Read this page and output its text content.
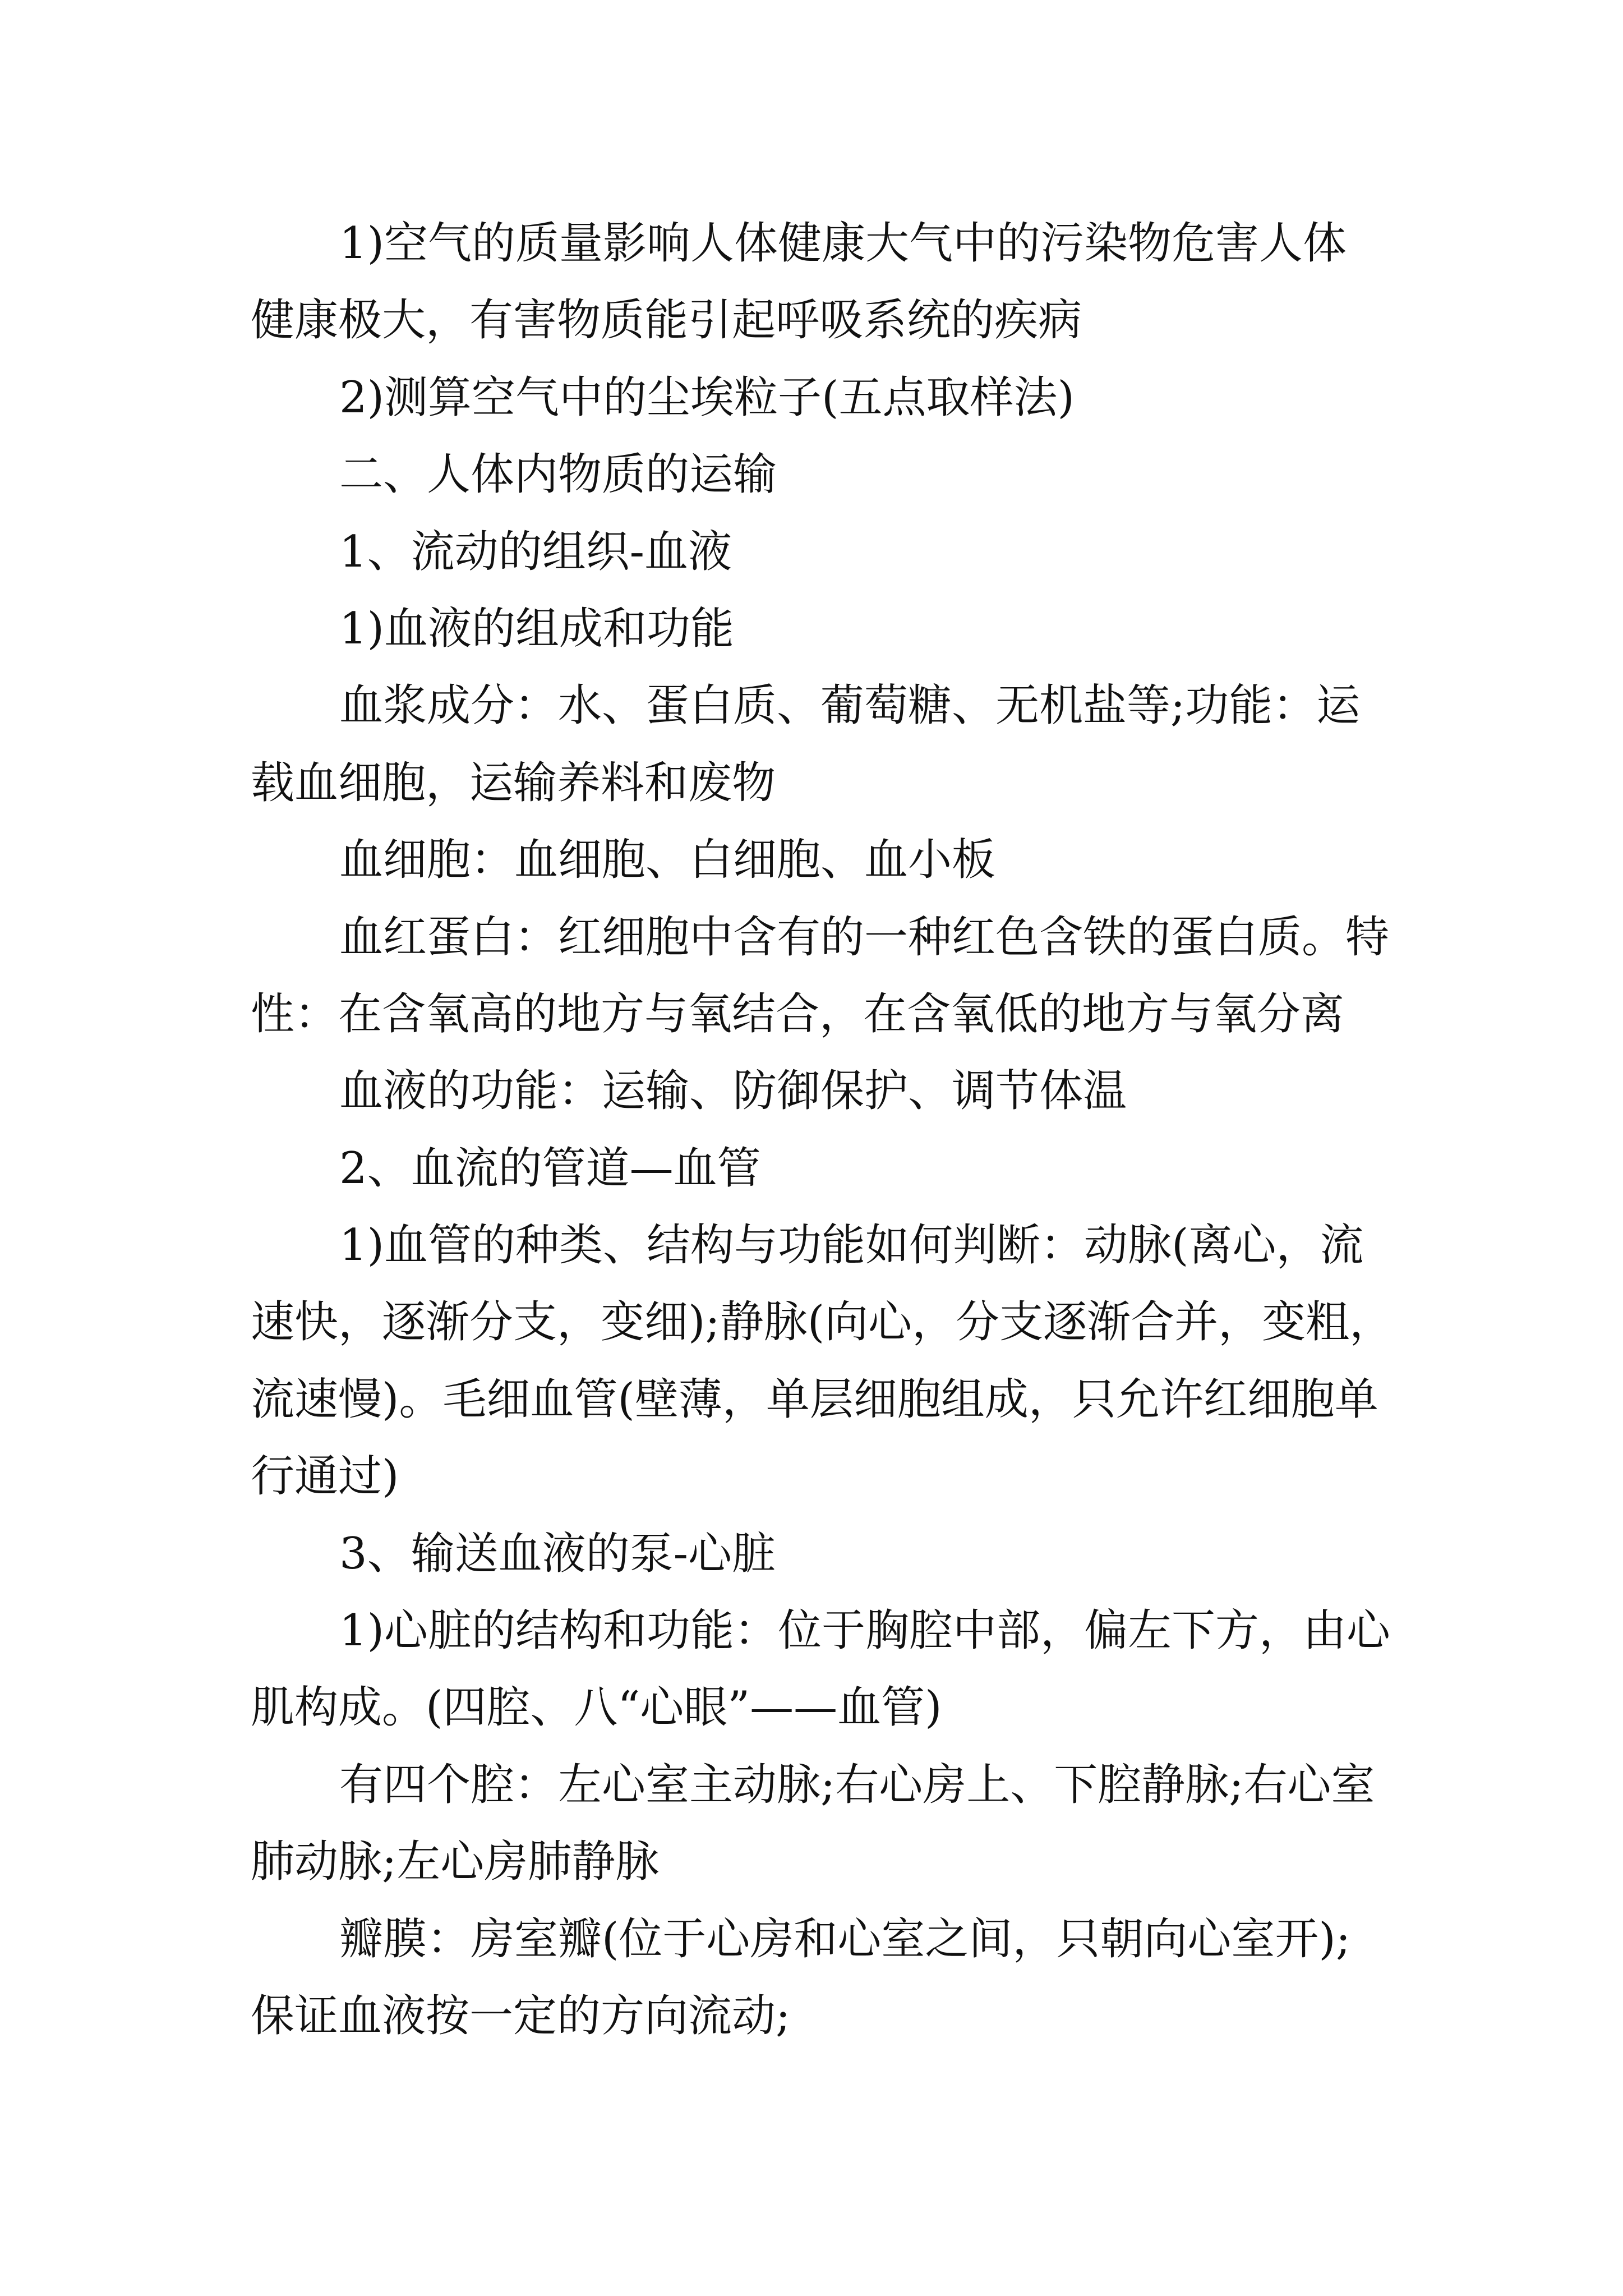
1)空气的质量影响人体健康大气中的污染物危害人体
健康极大，有害物质能引起呼吸系统的疾病
2)测算空气中的尘埃粒子(五点取样法)
二、人体内物质的运输
1、流动的组织-血液
1)血液的组成和功能
血浆成分：水、蛋白质、葡萄糖、无机盐等;功能：运
载血细胞，运输养料和废物
血细胞：血细胞、白细胞、血小板
血红蛋白：红细胞中含有的一种红色含铁的蛋白质。特
性：在含氧高的地方与氧结合，在含氧低的地方与氧分离
血液的功能：运输、防御保护、调节体温
2、血流的管道—血管
1)血管的种类、结构与功能如何判断：动脉(离心，流
速快，逐渐分支，变细);静脉(向心，分支逐渐合并，变粗，
流速慢)。毛细血管(壁薄，单层细胞组成，只允许红细胞单
行通过)
3、输送血液的泵-心脏
1)心脏的结构和功能：位于胸腔中部，偏左下方，由心
肌构成。(四腔、八“心眼”——血管)
有四个腔：左心室主动脉;右心房上、下腔静脉;右心室
肺动脉;左心房肺静脉
瓣膜：房室瓣(位于心房和心室之间，只朝向心室开);
保证血液按一定的方向流动;
